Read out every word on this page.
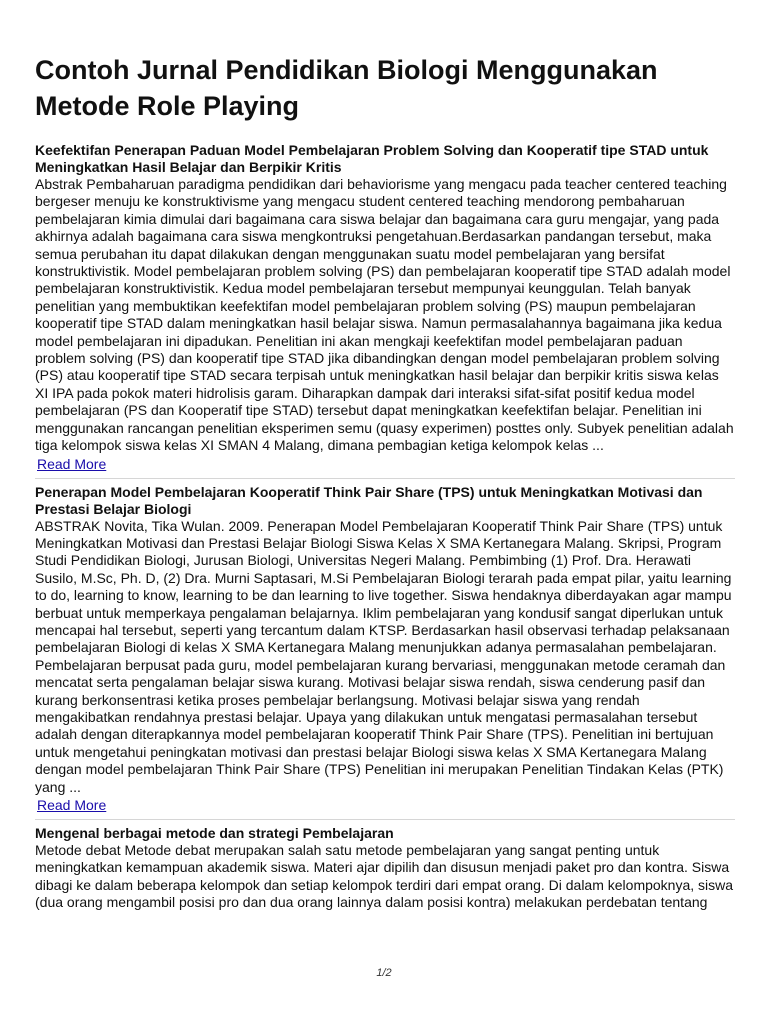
Contoh Jurnal Pendidikan Biologi Menggunakan Metode Role Playing
Keefektifan Penerapan Paduan Model Pembelajaran Problem Solving dan Kooperatif tipe STAD untuk Meningkatkan Hasil Belajar dan Berpikir Kritis

Abstrak Pembaharuan paradigma pendidikan dari behaviorisme yang mengacu pada teacher centered teaching bergeser menuju ke konstruktivisme yang mengacu student centered teaching mendorong pembaharuan pembelajaran kimia dimulai dari bagaimana cara siswa belajar dan bagaimana cara guru mengajar, yang pada akhirnya adalah bagaimana cara siswa mengkontruksi pengetahuan.Berdasarkan pandangan tersebut, maka semua perubahan itu dapat dilakukan dengan menggunakan suatu model pembelajaran yang bersifat konstruktivistik. Model pembelajaran problem solving (PS) dan pembelajaran kooperatif tipe STAD adalah model pembelajaran konstruktivistik. Kedua model pembelajaran tersebut mempunyai keunggulan. Telah banyak penelitian yang membuktikan keefektifan model pembelajaran problem solving (PS) maupun pembelajaran kooperatif tipe STAD dalam meningkatkan hasil belajar siswa. Namun permasalahannya bagaimana jika kedua model pembelajaran ini dipadukan. Penelitian ini akan mengkaji keefektifan model pembelajaran paduan problem solving (PS) dan kooperatif tipe STAD jika dibandingkan dengan model pembelajaran problem solving (PS) atau kooperatif tipe STAD secara terpisah untuk meningkatkan hasil belajar dan berpikir kritis siswa kelas XI IPA pada pokok materi hidrolisis garam. Diharapkan dampak dari interaksi sifat-sifat positif kedua model pembelajaran (PS dan Kooperatif tipe STAD) tersebut dapat meningkatkan keefektifan belajar. Penelitian ini menggunakan rancangan penelitian eksperimen semu (quasy experimen) posttes only. Subyek penelitian adalah tiga kelompok siswa kelas XI SMAN 4 Malang, dimana pembagian ketiga kelompok kelas ...

Read More
Penerapan Model Pembelajaran Kooperatif Think Pair Share (TPS) untuk Meningkatkan Motivasi dan Prestasi Belajar Biologi

ABSTRAK Novita, Tika Wulan. 2009. Penerapan Model Pembelajaran Kooperatif Think Pair Share (TPS) untuk Meningkatkan Motivasi dan Prestasi Belajar Biologi Siswa Kelas X SMA Kertanegara Malang. Skripsi, Program Studi Pendidikan Biologi, Jurusan Biologi, Universitas Negeri Malang. Pembimbing (1) Prof. Dra. Herawati Susilo, M.Sc, Ph. D, (2) Dra. Murni Saptasari, M.Si Pembelajaran Biologi terarah pada empat pilar, yaitu learning to do, learning to know, learning to be dan learning to live together. Siswa hendaknya diberdayakan agar mampu berbuat untuk memperkaya pengalaman belajarnya. Iklim pembelajaran yang kondusif sangat diperlukan untuk mencapai hal tersebut, seperti yang tercantum dalam KTSP. Berdasarkan hasil observasi terhadap pelaksanaan pembelajaran Biologi di kelas X SMA Kertanegara Malang menunjukkan adanya permasalahan pembelajaran. Pembelajaran berpusat pada guru, model pembelajaran kurang bervariasi, menggunakan metode ceramah dan mencatat serta pengalaman belajar siswa kurang. Motivasi belajar siswa rendah, siswa cenderung pasif dan kurang berkonsentrasi ketika proses pembelajar berlangsung. Motivasi belajar siswa yang rendah mengakibatkan rendahnya prestasi belajar. Upaya yang dilakukan untuk mengatasi permasalahan tersebut adalah dengan diterapkannya model pembelajaran kooperatif Think Pair Share (TPS). Penelitian ini bertujuan untuk mengetahui peningkatan motivasi dan prestasi belajar Biologi siswa kelas X SMA Kertanegara Malang dengan model pembelajaran Think Pair Share (TPS) Penelitian ini merupakan Penelitian Tindakan Kelas (PTK) yang ...

Read More
Mengenal berbagai metode dan strategi Pembelajaran

Metode debat Metode debat merupakan salah satu metode pembelajaran yang sangat penting untuk meningkatkan kemampuan akademik siswa. Materi ajar dipilih dan disusun menjadi paket pro dan kontra. Siswa dibagi ke dalam beberapa kelompok dan setiap kelompok terdiri dari empat orang. Di dalam kelompoknya, siswa (dua orang mengambil posisi pro dan dua orang lainnya dalam posisi kontra) melakukan perdebatan tentang

1/2
